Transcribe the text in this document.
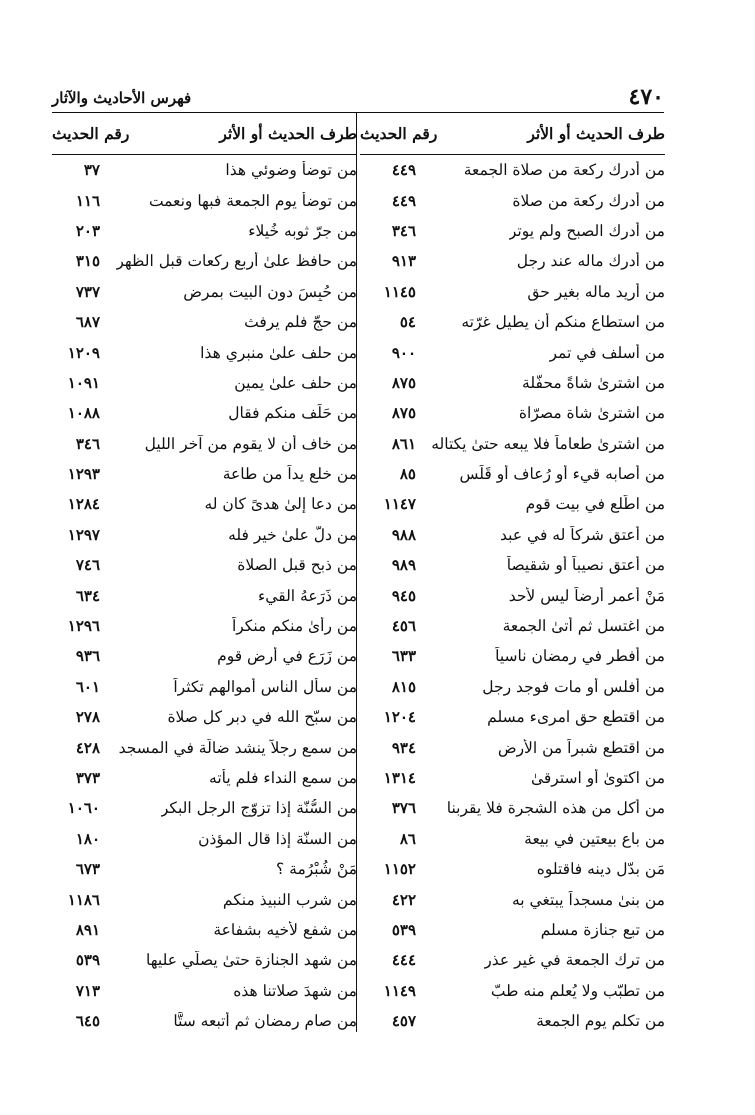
٤٧٠
فهرس الأحاديث والآثار
طرف الحديث أو الأثر
رقم الحديث
من أدرك ركعة من صلاة الجمعة
٤٤٩
من أدرك ركعة من صلاة
٤٤٩
من أدرك الصبح ولم يوتر
٣٤٦
من أدرك ماله عند رجل
٩١٣
من أريد ماله بغير حق
١١٤٥
من استطاع منكم أن يطيل غرّته
٥٤
من أسلف في تمر
٩٠٠
من اشترىٰ شاةً محفّلة
٨٧٥
من اشترىٰ شاة مصرّاة
٨٧٥
من اشترىٰ طعاماً فلا يبعه حتىٰ يكتاله
٨٦١
من أصابه قيء أو رُعاف أو قَلَس
٨٥
من اطّلع في بيت قوم
١١٤٧
من أعتق شركاً له في عبد
٩٨٨
من أعتق نصيباً أو شقيصاً
٩٨٩
مَنْ أعمر أرضاً ليس لأحد
٩٤٥
من اغتسل ثم أتىٰ الجمعة
٤٥٦
من أفطر في رمضان ناسياً
٦٣٣
من أفلس أو مات فوجد رجل
٨١٥
من اقتطع حق امرىء مسلم
١٢٠٤
من اقتطع شبراً من الأرض
٩٣٤
من اكتوىٰ أو استرقىٰ
١٣١٤
من أكل من هذه الشجرة فلا يقربنا
٣٧٦
من باع بيعتين في بيعة
٨٦
مَن بدّل دينه فاقتلوه
١١٥٢
من بنىٰ مسجداً يبتغي به
٤٢٢
من تبع جنازة مسلم
٥٣٩
من ترك الجمعة في غير عذر
٤٤٤
من تطبّب ولا يُعلم منه طبّ
١١٤٩
من تكلم يوم الجمعة
٤٥٧
طرف الحديث أو الأثر
رقم الحديث
من توضأ وضوئي هذا
٣٧
من توضأ يوم الجمعة فبها ونعمت
١١٦
من جرّ ثوبه خُيلاء
٢٠٣
من حافظ علىٰ أربع ركعات قبل الظهر
٣١٥
من حُبِسَ دون البيت بمرض
٧٣٧
من حجّ فلم يرفث
٦٨٧
من حلف علىٰ منبري هذا
١٢٠٩
من حلف علىٰ يمين
١٠٩١
من حَلَف منكم فقال
١٠٨٨
من خاف أن لا يقوم من آخر الليل
٣٤٦
من خلع يداً من طاعة
١٢٩٣
من دعا إلىٰ هدىً كان له
١٢٨٤
من دلّ علىٰ خير فله
١٢٩٧
من ذبح قبل الصلاة
٧٤٦
من ذَرَعهُ القيء
٦٣٤
من رأىٰ منكم منكراً
١٢٩٦
من زَرَع في أرض قوم
٩٣٦
من سأل الناس أموالهم تكثراً
٦٠١
من سبّح الله في دبر كل صلاة
٢٧٨
من سمع رجلاً ينشد ضالّة في المسجد
٤٢٨
من سمع النداء فلم يأته
٣٧٣
من السُّنّة إذا تزوّج الرجل البكر
١٠٦٠
من السنّة إذا قال المؤذن
١٨٠
مَنْ شُبْرُمة ؟
٦٧٣
من شرب النبيذ منكم
١١٨٦
من شفع لأخيه بشفاعة
٨٩١
من شهد الجنازة حتىٰ يصلّي عليها
٥٣٩
من شهدَ صلاتنا هذه
٧١٣
من صام رمضان ثم أتبعه ستًّا
٦٤٥
